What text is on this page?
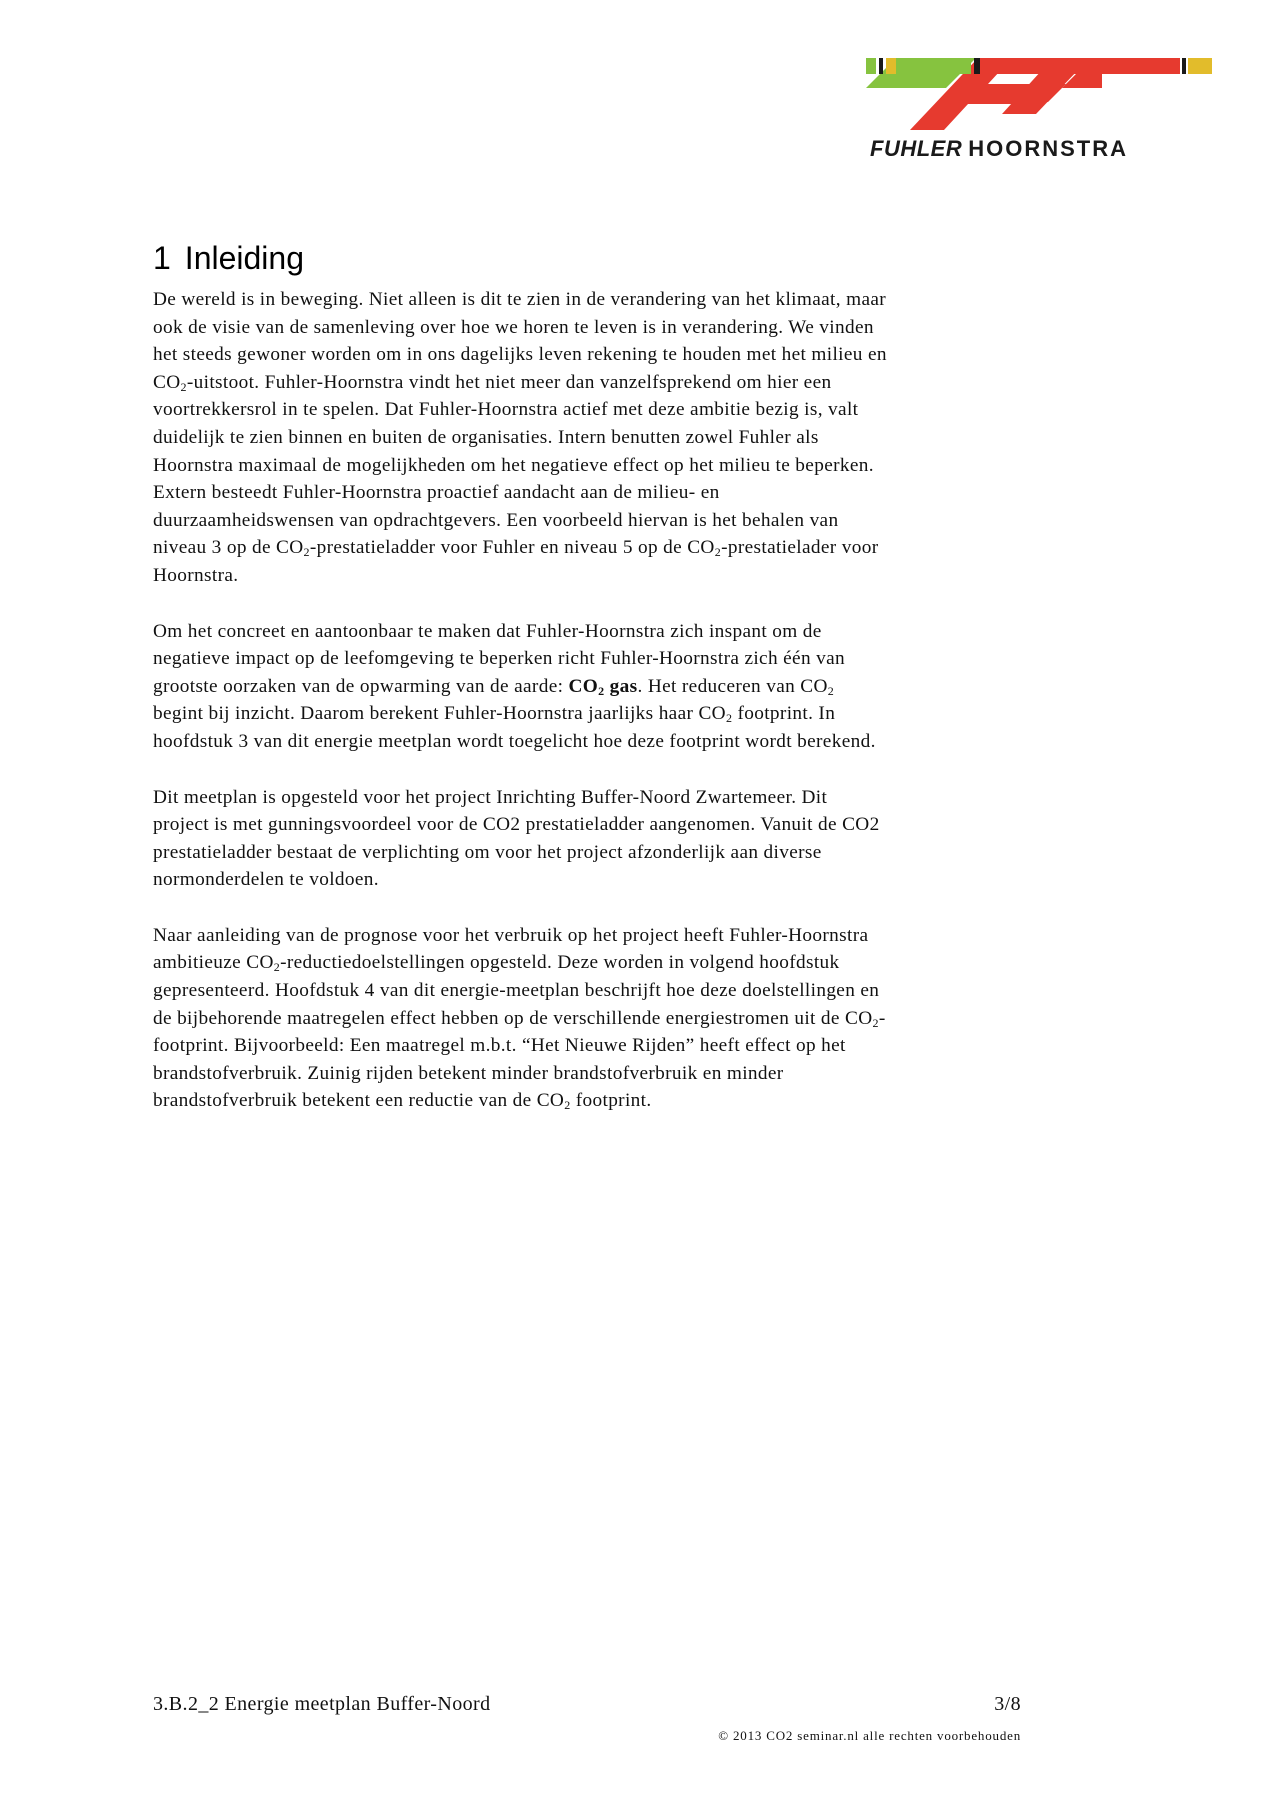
FUHLER HOORNSTRA
AANN.COMBINATIE
1 Inleiding

De wereld is in beweging. Niet alleen is dit te zien in de verandering van het klimaat, maar
ook de visie van de samenleving over hoe we horen te leven is in verandering. We vinden
het steeds gewoner worden om in ons dagelijks leven rekening te houden met het milieu en
$CO_2$-uitstoot. Fuhler-Hoornstra vindt het niet meer dan vanzelfsprekend om hier een
voortrekkersrol in te spelen. Dat Fuhler-Hoornstra actief met deze ambitie bezig is, valt
duidelijk te zien binnen en buiten de organisaties. Intern benutten zowel Fuhler als
Hoornstra maximaal de mogelijkheden om het negatieve effect op het milieu te beperken.
Extern besteedt Fuhler-Hoornstra proactief aandacht aan de milieu- en
duurzaamheidswensen van opdrachtgevers. Een voorbeeld hiervan is het behalen van
niveau 3 op de $CO_2$-prestatieladder voor Fuhler en niveau 5 op de $CO_2$-prestatielader voor
Hoornstra.

Om het concreet en aantoonbaar te maken dat Fuhler-Hoornstra zich inspant om de
negatieve impact op de leefomgeving te beperken richt Fuhler-Hoornstra zich één van
grootste oorzaken van de opwarming van de aarde: $CO_2$ gas. Het reduceren van $CO_2$
begint bij inzicht. Daarom berekent Fuhler-Hoornstra jaarlijks haar $CO_2$ footprint. In
hoofdstuk 3 van dit energie meetplan wordt toegelicht hoe deze footprint wordt berekend.

Dit meetplan is opgesteld voor het project Inrichting Buffer-Noord Zwartemeer. Dit
project is met gunningsvoordeel voor de CO2 prestatieladder aangenomen. Vanuit de CO2
prestatieladder bestaat de verplichting om voor het project afzonderlijk aan diverse
normonderdelen te voldoen.

Naar aanleiding van de prognose voor het verbruik op het project heeft Fuhler-Hoornstra
ambitieuze $CO_2$-reductiedoelstellingen opgesteld. Deze worden in volgend hoofdstuk
gepresenteerd. Hoofdstuk 4 van dit energie-meetplan beschrijft hoe deze doelstellingen en
de bijbehorende maatregelen effect hebben op de verschillende energiestromen uit de $CO_2-$
footprint. Bijvoorbeeld: Een maatregel m.b.t. “Het Nieuwe Rijden” heeft effect op het
brandstofverbruik. Zuinig rijden betekent minder brandstofverbruik en minder
brandstofverbruik betekent een reductie van de $CO_2$ footprint.

3.B.2_2 Energie meetplan Buffer-Noord	3/8
© 2013 CO2 seminar.nl alle rechten voorbehouden
